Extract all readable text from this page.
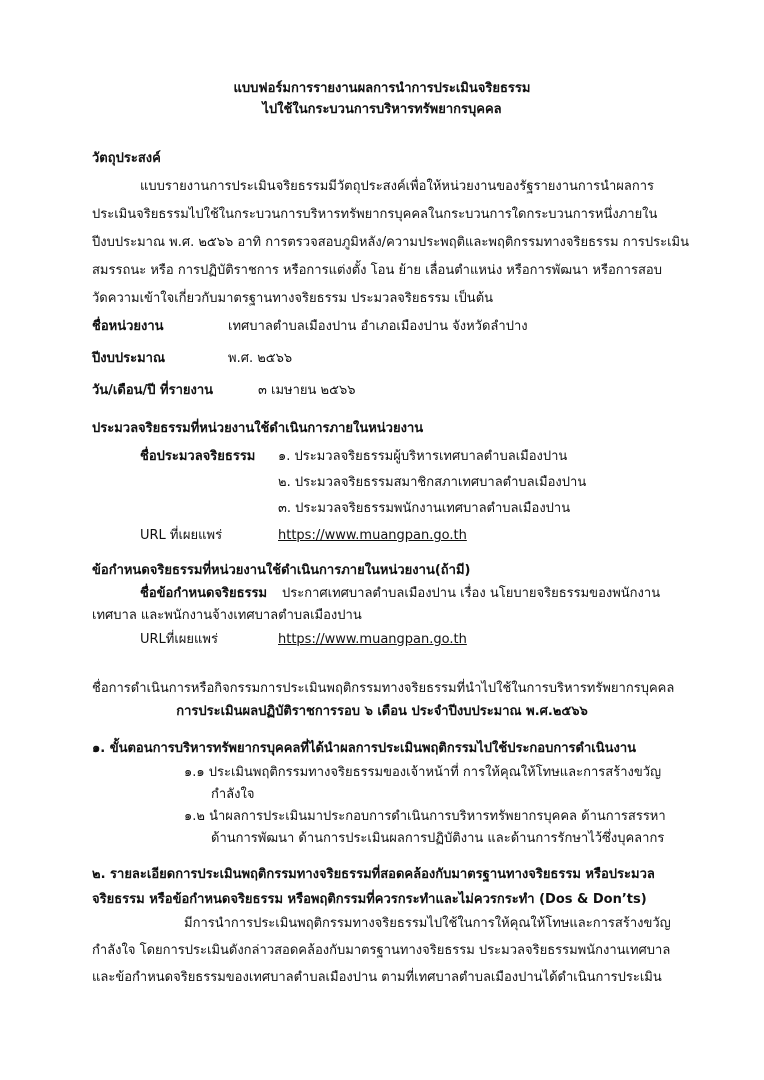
แบบฟอร์มการรายงานผลการนำการประเมินจริยธรรม
ไปใช้ในกระบวนการบริหารทรัพยากรบุคคล
วัตถุประสงค์
แบบรายงานการประเมินจริยธรรมมีวัตถุประสงค์เพื่อให้หน่วยงานของรัฐรายงานการนำผลการ
ประเมินจริยธรรมไปใช้ในกระบวนการบริหารทรัพยากรบุคคลในกระบวนการใดกระบวนการหนึ่งภายใน
ปีงบประมาณ พ.ศ. ๒๕๖๖ อาทิ การตรวจสอบภูมิหลัง/ความประพฤติและพฤติกรรมทางจริยธรรม การประเมิน
สมรรถนะ หรือ การปฏิบัติราชการ หรือการแต่งตั้ง โอน ย้าย เลื่อนตำแหน่ง หรือการพัฒนา หรือการสอบ
วัดความเข้าใจเกี่ยวกับมาตรฐานทางจริยธรรม ประมวลจริยธรรม เป็นต้น
ชื่อหน่วยงาน	เทศบาลตำบลเมืองปาน อำเภอเมืองปาน จังหวัดลำปาง
ปีงบประมาณ	พ.ศ. ๒๕๖๖
วัน/เดือน/ปี ที่รายงาน	๓ เมษายน ๒๕๖๖
ประมวลจริยธรรมที่หน่วยงานใช้ดำเนินการภายในหน่วยงาน
ชื่อประมวลจริยธรรม ๑. ประมวลจริยธรรมผู้บริหารเทศบาลตำบลเมืองปาน
๒. ประมวลจริยธรรมสมาชิกสภาเทศบาลตำบลเมืองปาน
๓. ประมวลจริยธรรมพนักงานเทศบาลตำบลเมืองปาน
URL ที่เผยแพร่	https://www.muangpan.go.th
ข้อกำหนดจริยธรรมที่หน่วยงานใช้ดำเนินการภายในหน่วยงาน(ถ้ามี)
ชื่อข้อกำหนดจริยธรรม ประกาศเทศบาลตำบลเมืองปาน เรื่อง นโยบายจริยธรรมของพนักงาน
เทศบาล และพนักงานจ้างเทศบาลตำบลเมืองปาน
URLที่เผยแพร่	https://www.muangpan.go.th
ชื่อการดำเนินการหรือกิจกรรมการประเมินพฤติกรรมทางจริยธรรมที่นำไปใช้ในการบริหารทรัพยากรบุคคล
การประเมินผลปฏิบัติราชการรอบ ๖ เดือน ประจำปีงบประมาณ พ.ศ.๒๕๖๖
๑. ขั้นตอนการบริหารทรัพยากรบุคคลที่ได้นำผลการประเมินพฤติกรรมไปใช้ประกอบการดำเนินงาน
๑.๑ ประเมินพฤติกรรมทางจริยธรรมของเจ้าหน้าที่ การให้คุณให้โทษและการสร้างขวัญ
กำลังใจ
๑.๒ นำผลการประเมินมาประกอบการดำเนินการบริหารทรัพยากรบุคคล ด้านการสรรหา
ด้านการพัฒนา ด้านการประเมินผลการปฏิบัติงาน และด้านการรักษาไว้ซึ่งบุคลากร
๒. รายละเอียดการประเมินพฤติกรรมทางจริยธรรมที่สอดคล้องกับมาตรฐานทางจริยธรรม หรือประมวล
จริยธรรม หรือข้อกำหนดจริยธรรม หรือพฤติกรรมที่ควรกระทำและไม่ควรกระทำ (Dos & Don’ts)
มีการนำการประเมินพฤติกรรมทางจริยธรรมไปใช้ในการให้คุณให้โทษและการสร้างขวัญ
กำลังใจ โดยการประเมินดังกล่าวสอดคล้องกับมาตรฐานทางจริยธรรม ประมวลจริยธรรมพนักงานเทศบาล
และข้อกำหนดจริยธรรมของเทศบาลตำบลเมืองปาน ตามที่เทศบาลตำบลเมืองปานได้ดำเนินการประเมิน
